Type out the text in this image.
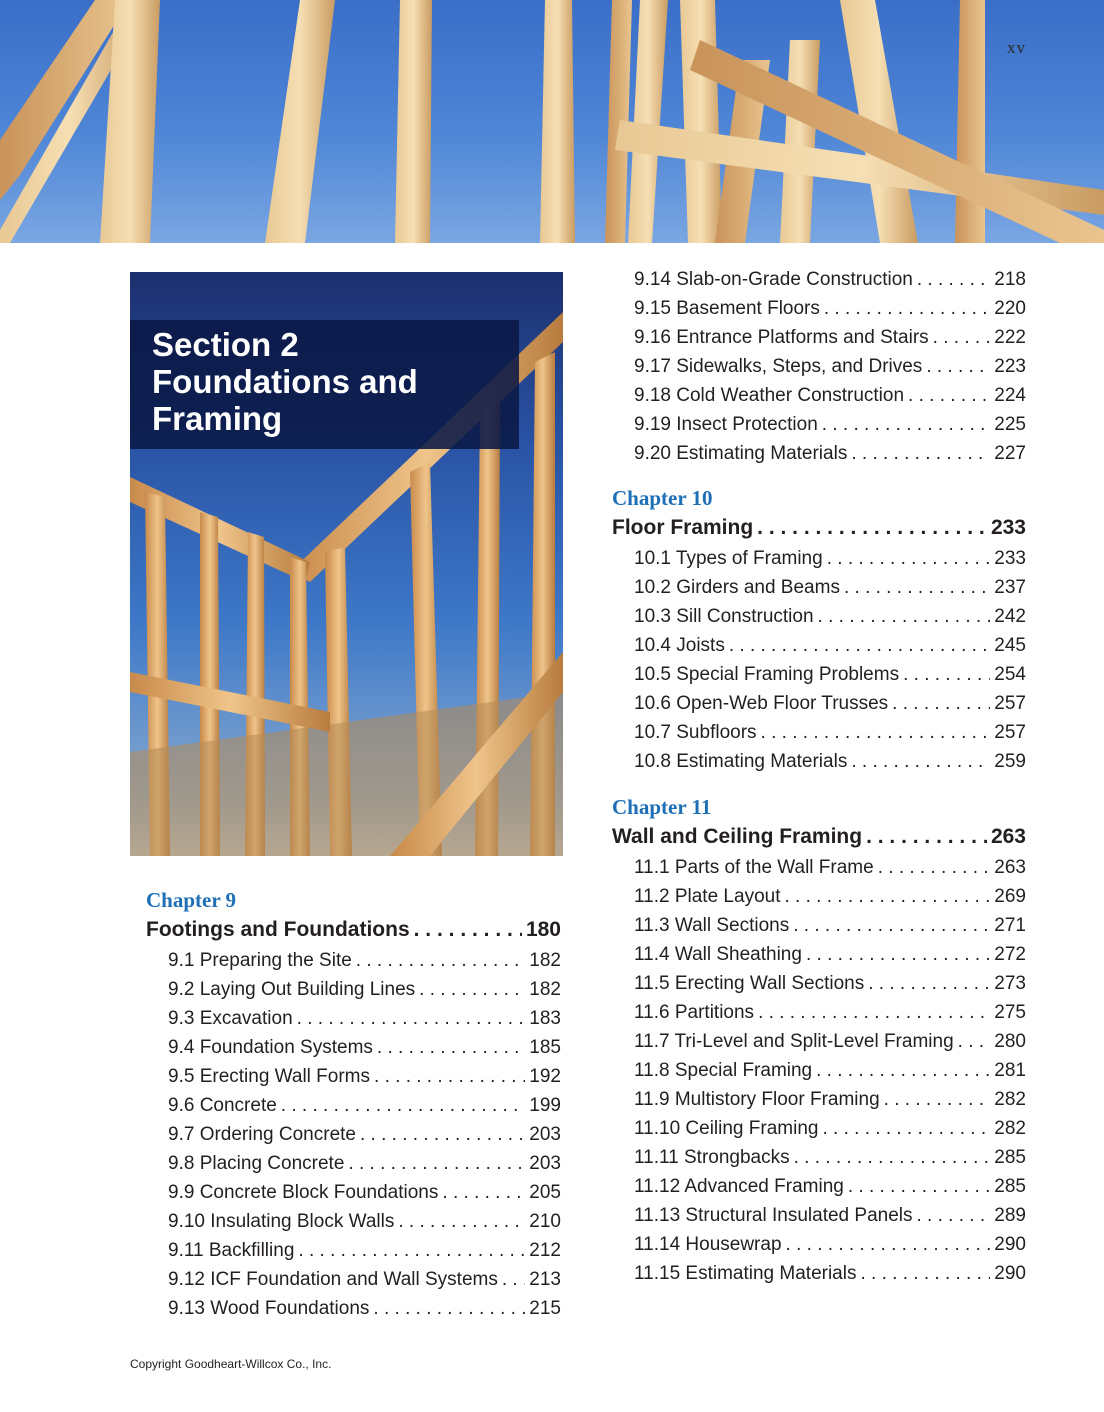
xv
Section 2
Foundations and
Framing
Chapter 9
Footings and Foundations . . .	180
9.1 Preparing the Site . . .	182
9.2 Laying Out Building Lines . . .	182
9.3 Excavation . . .	183
9.4 Foundation Systems . . .	185
9.5 Erecting Wall Forms . . .	192
9.6 Concrete . . .	199
9.7 Ordering Concrete . . .	203
9.8 Placing Concrete . . .	203
9.9 Concrete Block Foundations . . .	205
9.10 Insulating Block Walls . . .	210
9.11 Backfilling . . .	212
9.12 ICF Foundation and Wall Systems . . . 213
9.13 Wood Foundations . . .	215
9.14 Slab-on-Grade Construction . . .	218
9.15 Basement Floors . . .	220
9.16 Entrance Platforms and Stairs . . .	222
9.17 Sidewalks, Steps, and Drives . . .	223
9.18 Cold Weather Construction . . .	224
9.19 Insect Protection . . .	225
9.20 Estimating Materials . . .	227
Chapter 10
Floor Framing . . .	233
10.1 Types of Framing . . .	233
10.2 Girders and Beams . . .	237
10.3 Sill Construction . . .	242
10.4 Joists . . .	245
10.5 Special Framing Problems . . .	254
10.6 Open-Web Floor Trusses . . .	257
10.7 Subfloors . . .	257
10.8 Estimating Materials . . .	259
Chapter 11
Wall and Ceiling Framing . . .	263
11.1 Parts of the Wall Frame . . .	263
11.2 Plate Layout . . .	269
11.3 Wall Sections . . .	271
11.4 Wall Sheathing . . .	272
11.5 Erecting Wall Sections . . .	273
11.6 Partitions . . .	275
11.7 Tri-Level and Split-Level Framing . . . 280
11.8 Special Framing . . .	281
11.9 Multistory Floor Framing . . .	282
11.10 Ceiling Framing . . .	282
11.11 Strongbacks . . .	285
11.12 Advanced Framing . . .	285
11.13 Structural Insulated Panels . . .	289
11.14 Housewrap . . .	290
11.15 Estimating Materials . . .	290
Copyright Goodheart-Willcox Co., Inc.
